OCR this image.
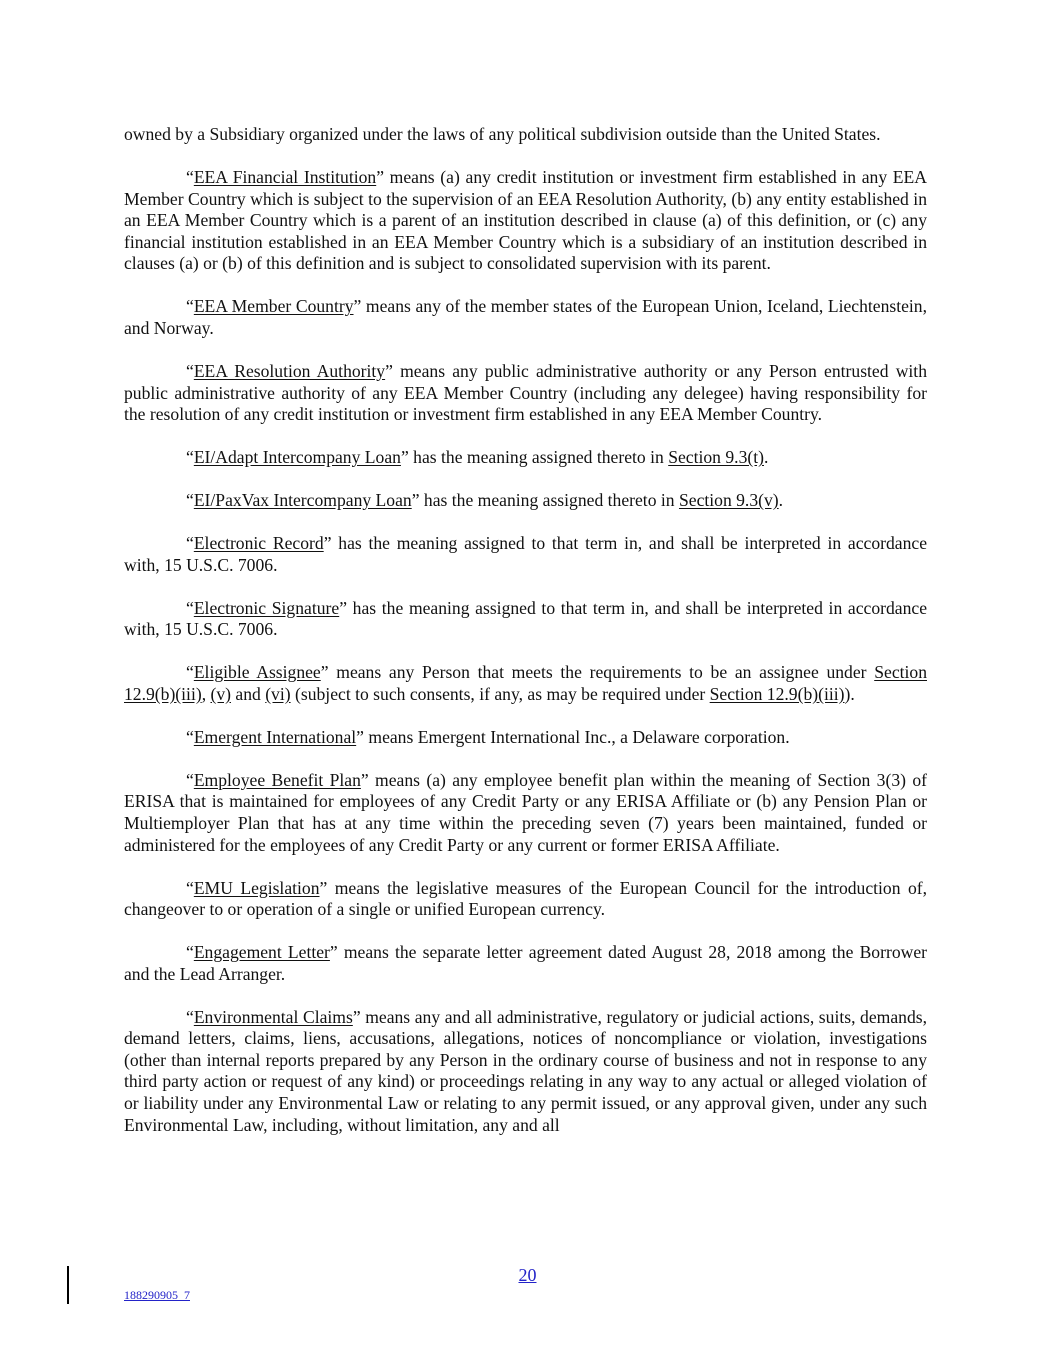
owned by a Subsidiary organized under the laws of any political subdivision outside than the United States.

“EEA Financial Institution” means (a) any credit institution or investment firm established in any EEA Member Country which is subject to the supervision of an EEA Resolution Authority, (b) any entity established in an EEA Member Country which is a parent of an institution described in clause (a) of this definition, or (c) any financial institution established in an EEA Member Country which is a subsidiary of an institution described in clauses (a) or (b) of this definition and is subject to consolidated supervision with its parent.

“EEA Member Country” means any of the member states of the European Union, Iceland, Liechtenstein, and Norway.

“EEA Resolution Authority” means any public administrative authority or any Person entrusted with public administrative authority of any EEA Member Country (including any delegee) having responsibility for the resolution of any credit institution or investment firm established in any EEA Member Country.

“EI/Adapt Intercompany Loan” has the meaning assigned thereto in Section 9.3(t).

“EI/PaxVax Intercompany Loan” has the meaning assigned thereto in Section 9.3(v).

“Electronic Record” has the meaning assigned to that term in, and shall be interpreted in accordance with, 15 U.S.C. 7006.

“Electronic Signature” has the meaning assigned to that term in, and shall be interpreted in accordance with, 15 U.S.C. 7006.

“Eligible Assignee” means any Person that meets the requirements to be an assignee under Section 12.9(b)(iii), (v) and (vi) (subject to such consents, if any, as may be required under Section 12.9(b)(iii)).

“Emergent International” means Emergent International Inc., a Delaware corporation.

“Employee Benefit Plan” means (a) any employee benefit plan within the meaning of Section 3(3) of ERISA that is maintained for employees of any Credit Party or any ERISA Affiliate or (b) any Pension Plan or Multiemployer Plan that has at any time within the preceding seven (7) years been maintained, funded or administered for the employees of any Credit Party or any current or former ERISA Affiliate.

“EMU Legislation” means the legislative measures of the European Council for the introduction of, changeover to or operation of a single or unified European currency.

“Engagement Letter” means the separate letter agreement dated August 28, 2018 among the Borrower and the Lead Arranger.

“Environmental Claims” means any and all administrative, regulatory or judicial actions, suits, demands, demand letters, claims, liens, accusations, allegations, notices of noncompliance or violation, investigations (other than internal reports prepared by any Person in the ordinary course of business and not in response to any third party action or request of any kind) or proceedings relating in any way to any actual or alleged violation of or liability under any Environmental Law or relating to any permit issued, or any approval given, under any such Environmental Law, including, without limitation, any and all

20
188290905_7
